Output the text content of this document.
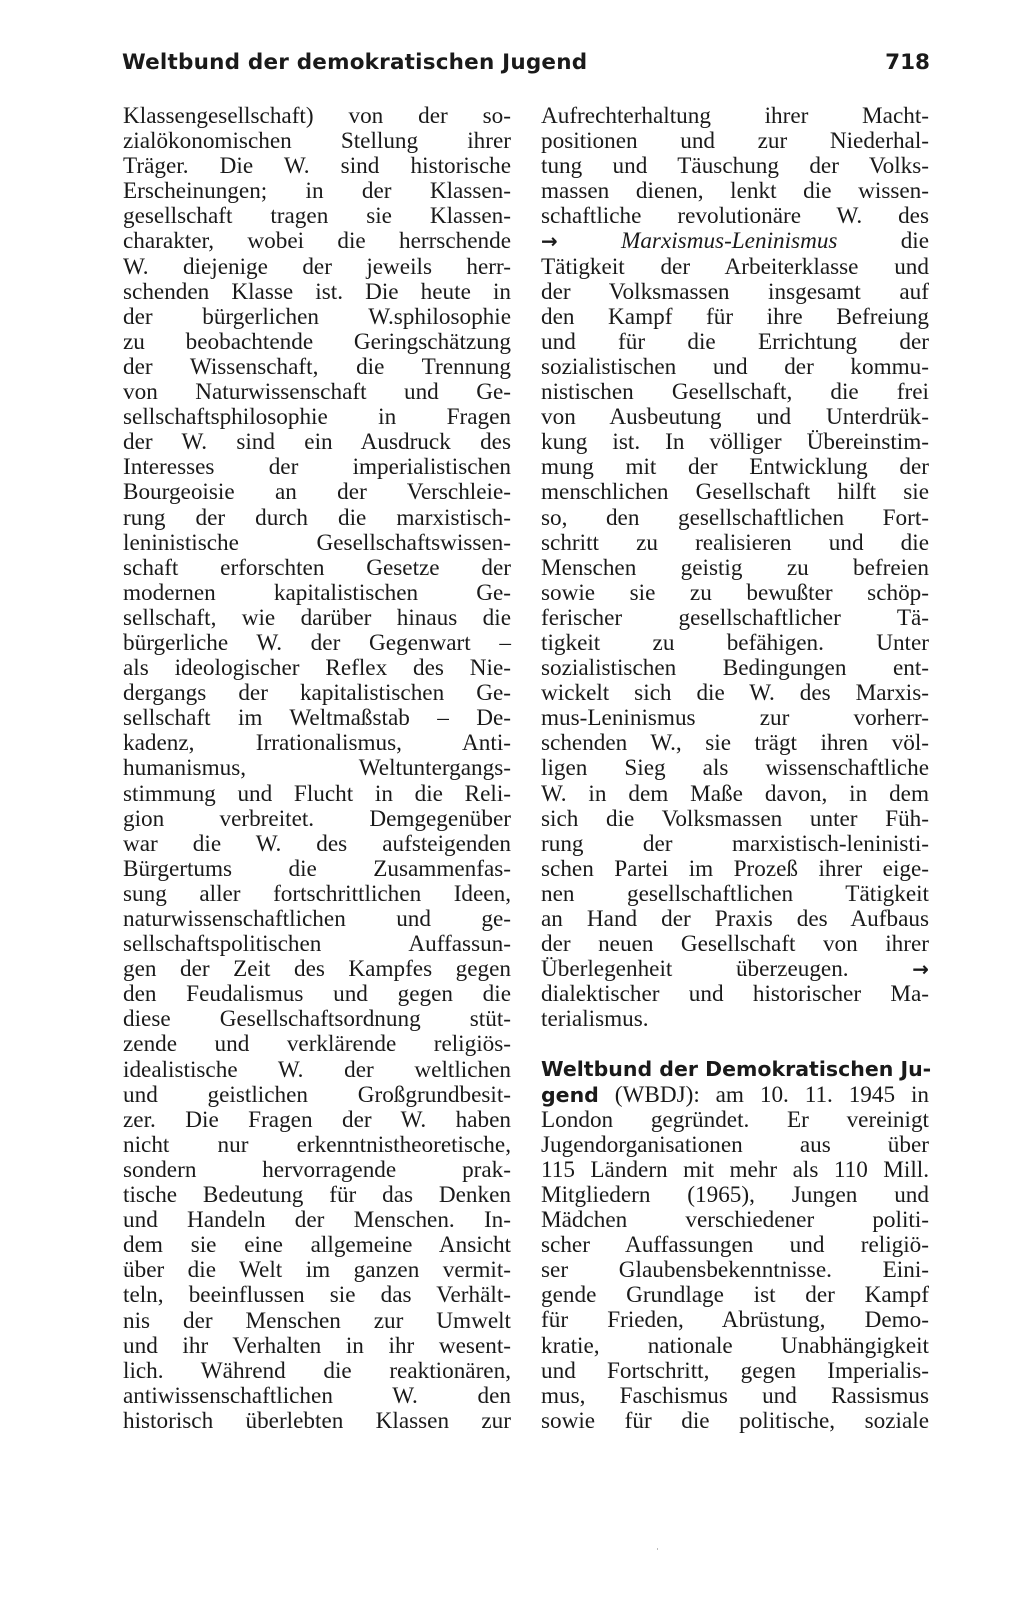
Weltbund der demokratischen Jugend	718
Klassengesellschaft) von der so-
zialökonomischen Stellung ihrer
Träger. Die W. sind historische
Erscheinungen; in der Klassen-
gesellschaft tragen sie Klassen-
charakter, wobei die herrschende
W. diejenige der jeweils herr-
schenden Klasse ist. Die heute in
der bürgerlichen W.sphilosophie
zu beobachtende Geringschätzung
der Wissenschaft, die Trennung
von Naturwissenschaft und Ge-
sellschaftsphilosophie in Fragen
der W. sind ein Ausdruck des
Interesses der imperialistischen
Bourgeoisie an der Verschleie-
rung der durch die marxistisch-
leninistische Gesellschaftswissen-
schaft erforschten Gesetze der
modernen kapitalistischen Ge-
sellschaft, wie darüber hinaus die
bürgerliche W. der Gegenwart –
als ideologischer Reflex des Nie-
dergangs der kapitalistischen Ge-
sellschaft im Weltmaßstab – De-
kadenz, Irrationalismus, Anti-
humanismus, Weltuntergangs-
stimmung und Flucht in die Reli-
gion verbreitet. Demgegenüber
war die W. des aufsteigenden
Bürgertums die Zusammenfas-
sung aller fortschrittlichen Ideen,
naturwissenschaftlichen und ge-
sellschaftspolitischen Auffassun-
gen der Zeit des Kampfes gegen
den Feudalismus und gegen die
diese Gesellschaftsordnung stüt-
zende und verklärende religiös-
idealistische W. der weltlichen
und geistlichen Großgrundbesit-
zer. Die Fragen der W. haben
nicht nur erkenntnistheoretische,
sondern hervorragende prak-
tische Bedeutung für das Denken
und Handeln der Menschen. In-
dem sie eine allgemeine Ansicht
über die Welt im ganzen vermit-
teln, beeinflussen sie das Verhält-
nis der Menschen zur Umwelt
und ihr Verhalten in ihr wesent-
lich. Während die reaktionären,
antiwissenschaftlichen W. den
historisch überlebten Klassen zur
Aufrechterhaltung ihrer Macht-
positionen und zur Niederhal-
tung und Täuschung der Volks-
massen dienen, lenkt die wissen-
schaftliche revolutionäre W. des
→	Marxismus-Leninismus	die
Tätigkeit der Arbeiterklasse und
der Volksmassen insgesamt auf
den Kampf für ihre Befreiung
und für die Errichtung der
sozialistischen und der kommu-
nistischen Gesellschaft, die frei
von Ausbeutung und Unterdrük-
kung ist. In völliger Übereinstim-
mung mit der Entwicklung der
menschlichen Gesellschaft hilft sie
so, den gesellschaftlichen Fort-
schritt zu realisieren und die
Menschen geistig zu befreien
sowie sie zu bewußter schöp-
ferischer gesellschaftlicher Tä-
tigkeit zu befähigen. Unter
sozialistischen Bedingungen ent-
wickelt sich die W. des Marxis-
mus-Leninismus zur vorherr-
schenden W., sie trägt ihren völ-
ligen Sieg als wissenschaftliche
W. in dem Maße davon, in dem
sich die Volksmassen unter Füh-
rung der marxistisch-leninisti-
schen Partei im Prozeß ihrer eige-
nen gesellschaftlichen Tätigkeit
an Hand der Praxis des Aufbaus
der neuen Gesellschaft von ihrer
Überlegenheit überzeugen.	→
dialektischer und historischer Ma-
terialismus.
Weltbund der Demokratischen Ju-
gend (WBDJ): am 10. 11. 1945 in
London gegründet. Er vereinigt
Jugendorganisationen aus über
115 Ländern mit mehr als 110 Mill.
Mitgliedern (1965), Jungen und
Mädchen verschiedener politi-
scher Auffassungen und religiö-
ser Glaubensbekenntnisse. Eini-
gende Grundlage ist der Kampf
für Frieden, Abrüstung, Demo-
kratie, nationale Unabhängigkeit
und Fortschritt, gegen Imperialis-
mus, Faschismus und Rassismus
sowie für die politische, soziale
˙
